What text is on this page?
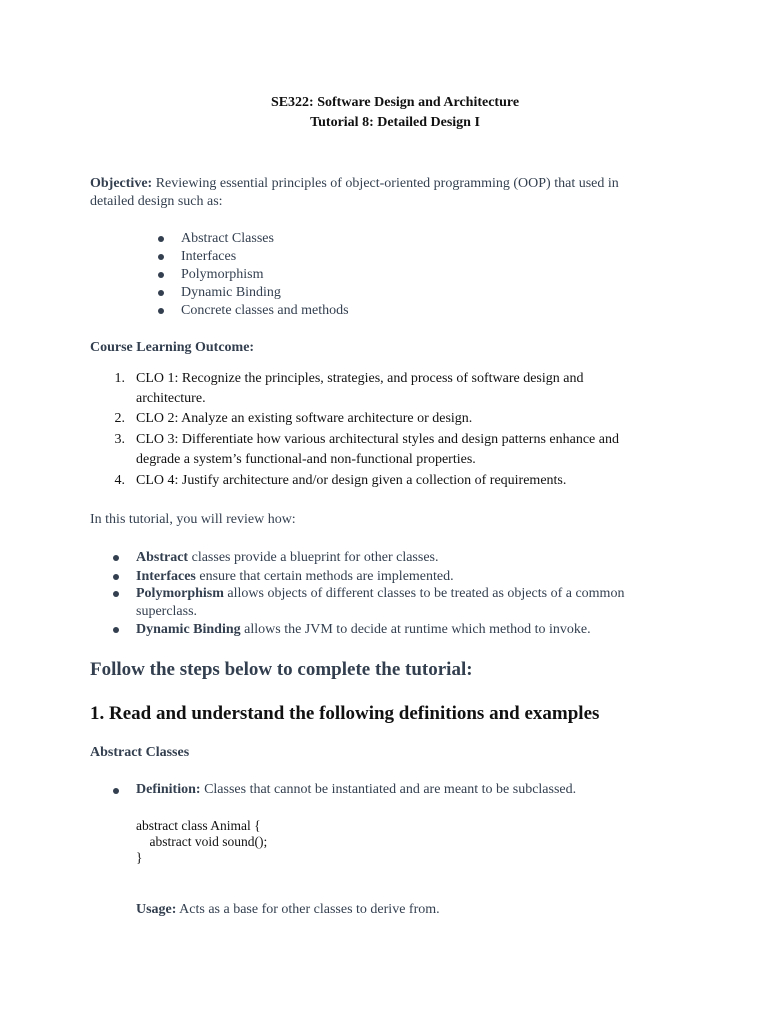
SE322: Software Design and Architecture
Tutorial 8: Detailed Design I
Objective: Reviewing essential principles of object-oriented programming (OOP) that used in
detailed design such as:
Abstract Classes
Interfaces
Polymorphism
Dynamic Binding
Concrete classes and methods
Course Learning Outcome:
1. CLO 1: Recognize the principles, strategies, and process of software design and
architecture.
2. CLO 2: Analyze an existing software architecture or design.
3. CLO 3: Differentiate how various architectural styles and design patterns enhance and
degrade a system’s functional-and non-functional properties.
4. CLO 4: Justify architecture and/or design given a collection of requirements.
In this tutorial, you will review how:
Abstract classes provide a blueprint for other classes.
Interfaces ensure that certain methods are implemented.
Polymorphism allows objects of different classes to be treated as objects of a common
superclass.
Dynamic Binding allows the JVM to decide at runtime which method to invoke.
Follow the steps below to complete the tutorial:
1. Read and understand the following definitions and examples
Abstract Classes
Definition: Classes that cannot be instantiated and are meant to be subclassed.
abstract class Animal {
abstract void sound();
}
Usage: Acts as a base for other classes to derive from.
